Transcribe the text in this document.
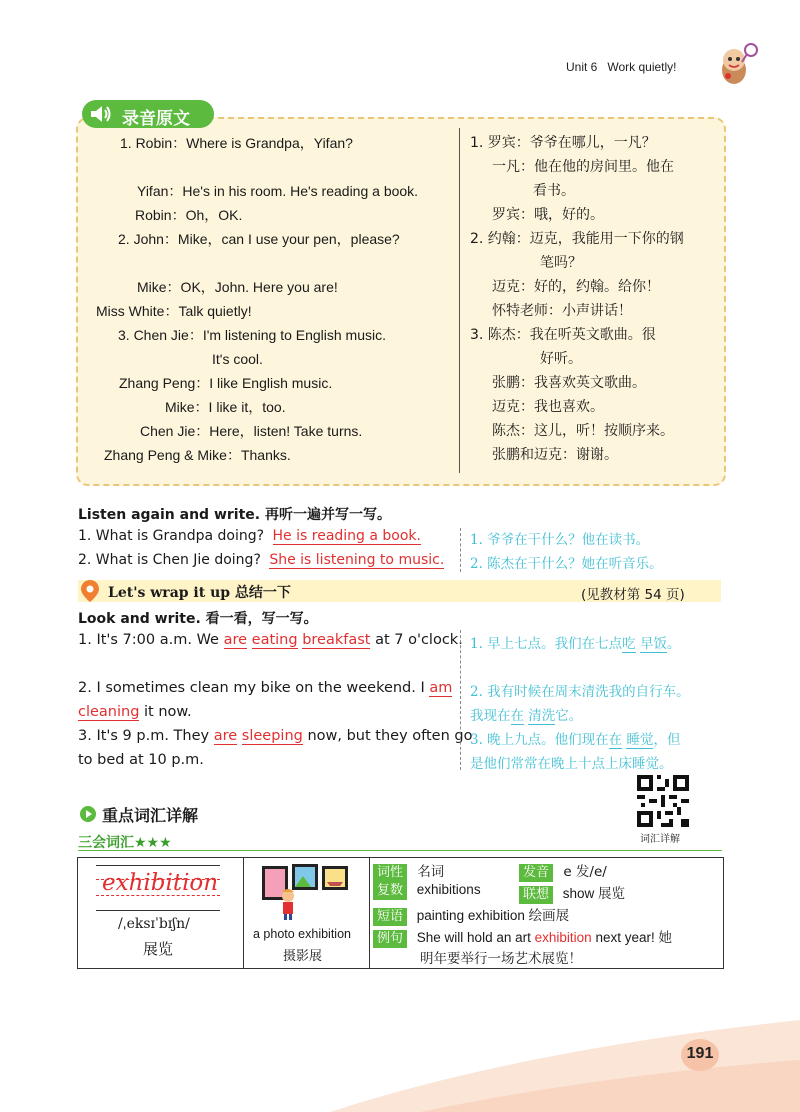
Unit 6 Work quietly!
录音原文
1. Robin：Where is Grandpa，Yifan?
Yifan：He's in his room. He's reading a book.
Robin：Oh，OK.
2. John：Mike，can I use your pen，please?
Mike：OK，John. Here you are!
Miss White：Talk quietly!
3. Chen Jie：I'm listening to English music.
It's cool.
Zhang Peng：I like English music.
Mike：I like it，too.
Chen Jie：Here，listen! Take turns.
Zhang Peng & Mike：Thanks.
1. 罗宾：爷爷在哪儿，一凡？
一凡：他在他的房间里。他在
看书。
罗宾：哦，好的。
2. 约翰：迈克，我能用一下你的钢
笔吗？
迈克：好的，约翰。给你！
怀特老师：小声讲话！
3. 陈杰：我在听英文歌曲。很
好听。
张鹏：我喜欢英文歌曲。
迈克：我也喜欢。
陈杰：这儿，听！按顺序来。
张鹏和迈克：谢谢。
Listen again and write. 再听一遍并写一写。
1. What is Grandpa doing? He is reading a book.
2. What is Chen Jie doing? She is listening to music.
1. 爷爷在干什么？他在读书。
2. 陈杰在干什么？她在听音乐。
Let's wrap it up 总结一下	(见教材第 54 页)
Look and write. 看一看，写一写。
1. It's 7:00 a.m. We are eating breakfast at 7 o'clock.
2. I sometimes clean my bike on the weekend. I am
cleaning it now.
3. It's 9 p.m. They are sleeping now, but they often go
to bed at 10 p.m.
1. 早上七点。我们在七点吃 早饭。
2. 我有时候在周末清洗我的自行车。
我现在在 清洗它。
3. 晚上九点。他们现在在 睡觉，但
是他们常常在晚上十点上床睡觉。
重点词汇详解
三会词汇★★★	词汇详解
exhibition
/ˌeksɪˈbɪʃn/
展览
a photo exhibition
摄影展
词性 名词	发音 e 发/e/
复数 exhibitions	联想 show 展览
短语 painting exhibition 绘画展
例句 She will hold an art exhibition next year! 她
明年要举行一场艺术展览！
191
